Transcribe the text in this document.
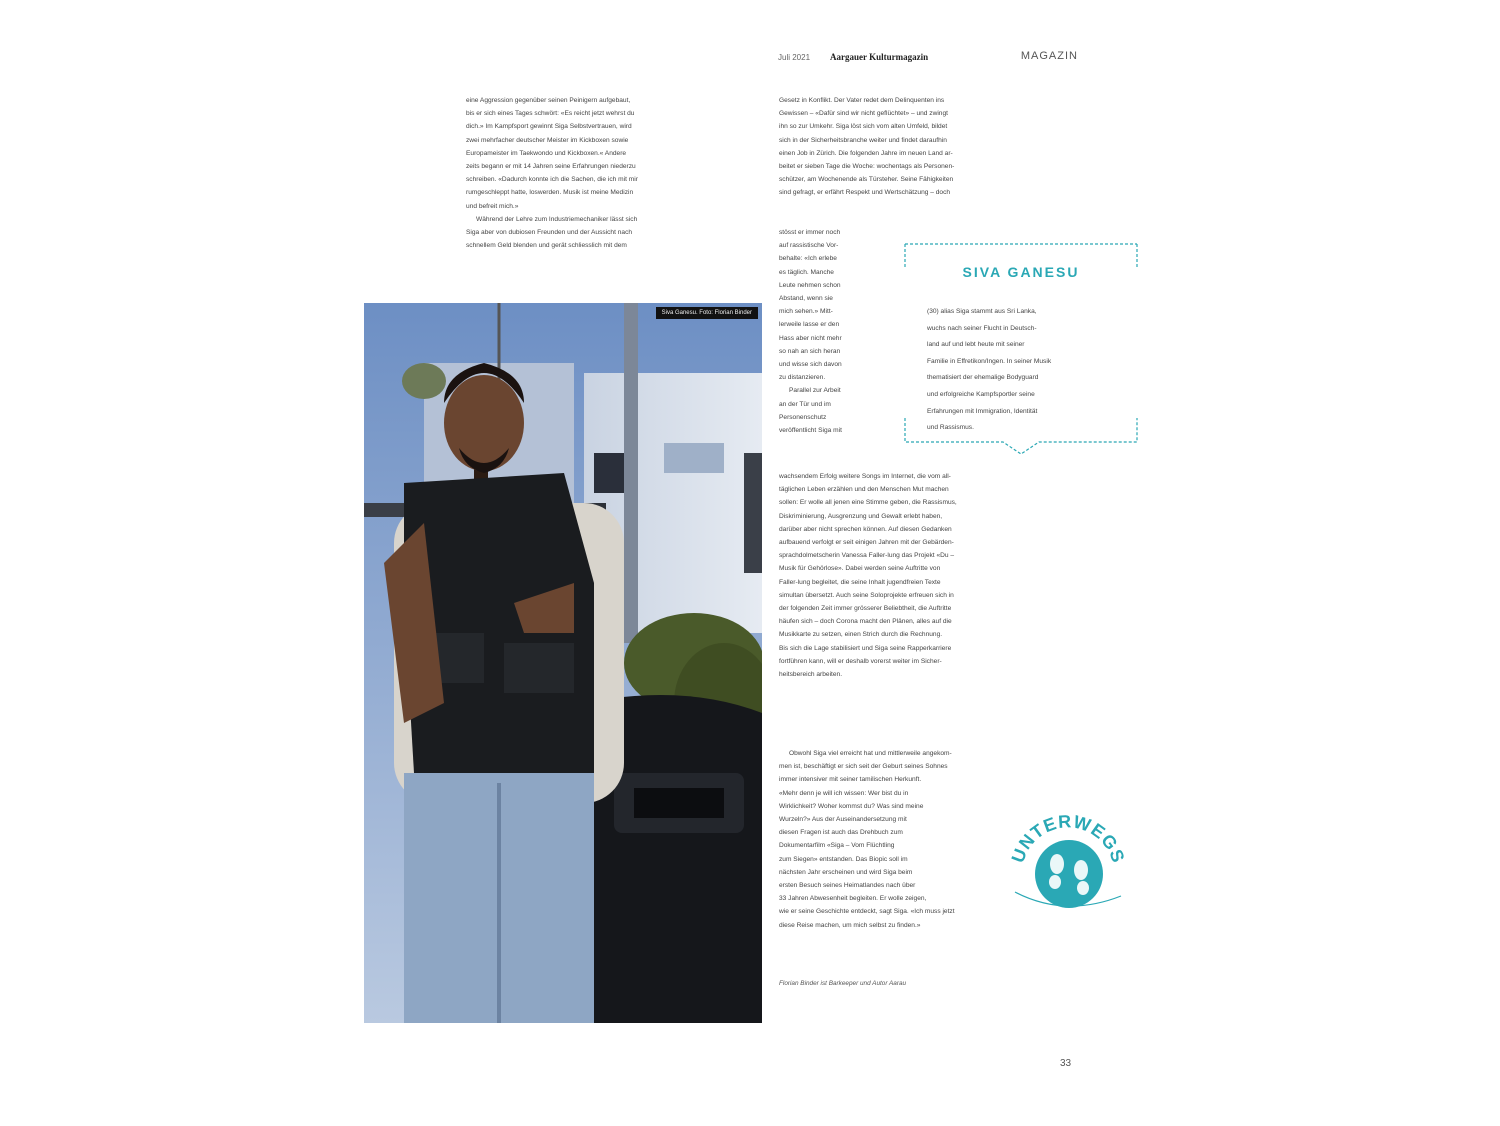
Juli 2021 Aargauer Kulturmagazin	MAGAZIN

eine Aggression gegenüber seinen Peinigern aufgebaut,

bis er sich eines Tages schwört: «Es reicht jetzt wehrst du

dich.» Im Kampfsport gewinnt Siga Selbstvertrauen, wird

zwei mehrfacher deutscher Meister im Kickboxen sowie

Europameister im Taekwondo und Kickboxen.« Andere

zeits begann er mit 14 Jahren seine Erfahrungen niederzu

schreiben. «Dadurch konnte ich die Sachen, die ich mit mir

rumgeschleppt hatte, loswerden. Musik ist meine Medizin

und befreit mich.»

Während der Lehre zum Industriemechaniker lässt sich

Siga aber von dubiosen Freunden und der Aussicht nach

schnellem Geld blenden und gerät schliesslich mit dem

Gesetz in Konflikt. Der Vater redet dem Delinquenten ins

Gewissen – «Dafür sind wir nicht geflüchtet» – und zwingt

ihn so zur Umkehr. Siga löst sich vom alten Umfeld, bildet

sich in der Sicherheitsbranche weiter und findet daraufhin

einen Job in Zürich. Die folgenden Jahre im neuen Land ar-

beitet er sieben Tage die Woche: wochentags als Personen-

schützer, am Wochenende als Türsteher. Seine Fähigkeiten

sind gefragt, er erfährt Respekt und Wertschätzung – doch

stösst er immer noch

auf rassistische Vor-

behalte: «Ich erlebe

es täglich. Manche

Leute nehmen schon

Abstand, wenn sie

mich sehen.» Mitt-

lerweile lasse er den

Hass aber nicht mehr

so nah an sich heran

und wisse sich davon

zu distanzieren.

Parallel zur Arbeit

an der Tür und im

Personenschutz

veröffentlicht Siga mit

wachsendem Erfolg weitere Songs im Internet, die vom all-

täglichen Leben erzählen und den Menschen Mut machen

sollen: Er wolle all jenen eine Stimme geben, die Rassismus,

Diskriminierung, Ausgrenzung und Gewalt erlebt haben,

darüber aber nicht sprechen können. Auf diesen Gedanken

aufbauend verfolgt er seit einigen Jahren mit der Gebärden-

sprachdolmetscherin Vanessa Faller-lung das Projekt «Du –

Musik für Gehörlose». Dabei werden seine Auftritte von

Faller-lung begleitet, die seine Inhalt jugendfreien Texte

simultan übersetzt. Auch seine Soloprojekte erfreuen sich in

der folgenden Zeit immer grösserer Beliebtheit, die Auftritte

häufen sich – doch Corona macht den Plänen, alles auf die

Musikkarte zu setzen, einen Strich durch die Rechnung.

Bis sich die Lage stabilisiert und Siga seine Rapperkarriere

fortführen kann, will er deshalb vorerst weiter im Sicher-

heitsbereich arbeiten.

Obwohl Siga viel erreicht hat und mittlerweile angekom-

men ist, beschäftigt er sich seit der Geburt seines Sohnes

immer intensiver mit seiner tamilischen Herkunft.

«Mehr denn je will ich wissen: Wer bist du in

Wirklichkeit? Woher kommst du? Was sind meine

Wurzeln?» Aus der Auseinandersetzung mit

diesen Fragen ist auch das Drehbuch zum

Dokumentarfilm «Siga – Vom Flüchtling

zum Siegen» entstanden. Das Biopic soll im

nächsten Jahr erscheinen und wird Siga beim

ersten Besuch seines Heimatlandes nach über

33 Jahren Abwesenheit begleiten. Er wolle zeigen,

wie er seine Geschichte entdeckt, sagt Siga. «Ich muss jetzt

diese Reise machen, um mich selbst zu finden.»

Florian Binder ist Barkeeper und Autor Aarau
33
Siva Ganesu. Foto: Florian Binder
SIVA GANESU

(30) alias Siga stammt aus Sri Lanka,

wuchs nach seiner Flucht in Deutsch-

land auf und lebt heute mit seiner

Familie in Effretikon/Ingen. In seiner Musik

thematisiert der ehemalige Bodyguard

und erfolgreiche Kampfsportler seine

Erfahrungen mit Immigration, Identität

und Rassismus.

UNTERWEGS
